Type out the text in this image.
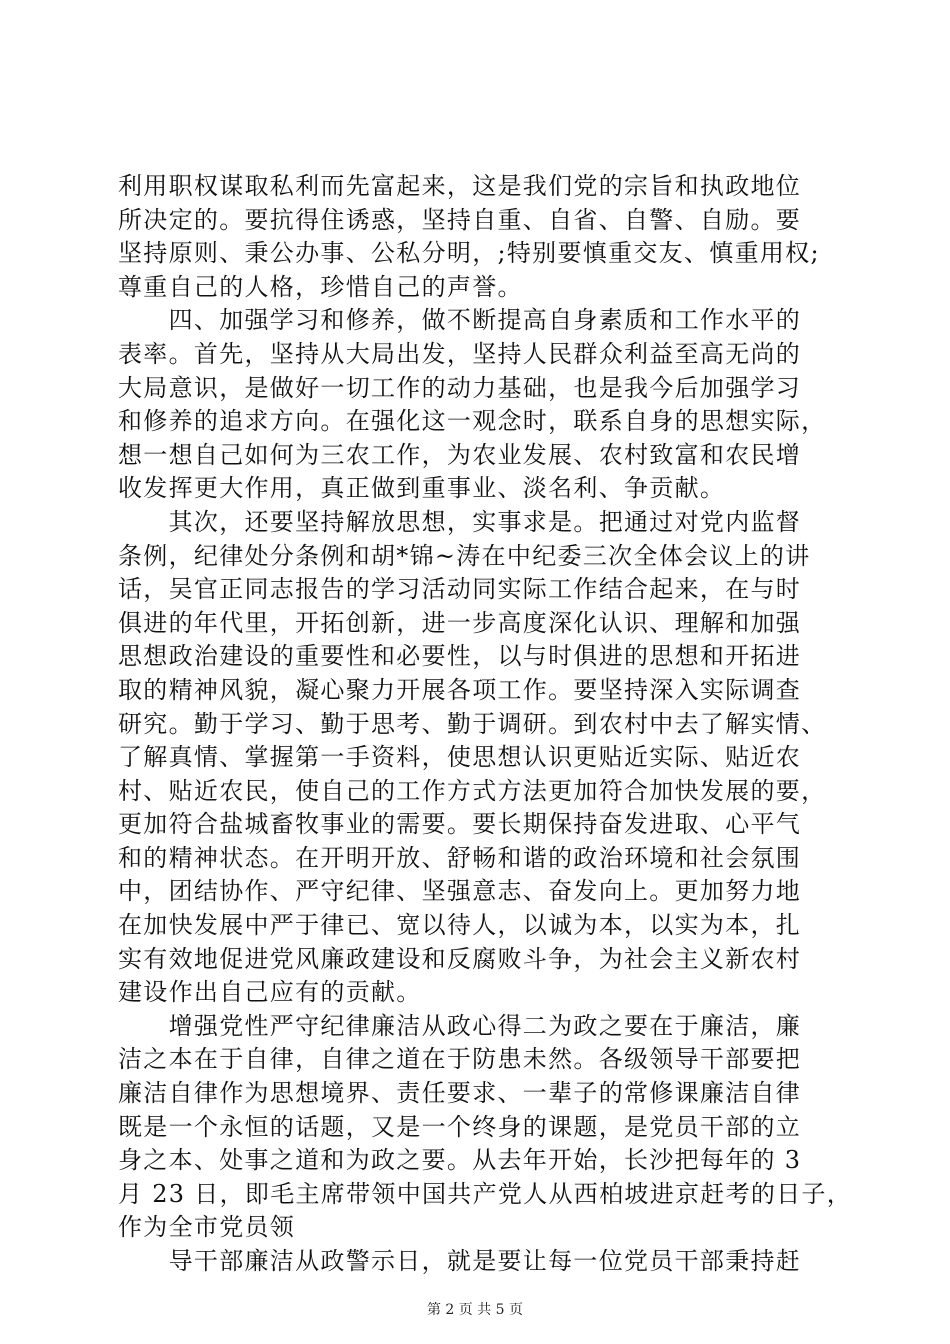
利用职权谋取私利而先富起来，这是我们党的宗旨和执政地位
所决定的。要抗得住诱惑，坚持自重、自省、自警、自励。要
坚持原则、秉公办事、公私分明，;特别要慎重交友、慎重用权;
尊重自己的人格，珍惜自己的声誉。
　　四、加强学习和修养，做不断提高自身素质和工作水平的
表率。首先，坚持从大局出发，坚持人民群众利益至高无尚的
大局意识，是做好一切工作的动力基础，也是我今后加强学习
和修养的追求方向。在强化这一观念时，联系自身的思想实际，
想一想自己如何为三农工作，为农业发展、农村致富和农民增
收发挥更大作用，真正做到重事业、淡名利、争贡献。
　　其次，还要坚持解放思想，实事求是。把通过对党内监督
条例，纪律处分条例和胡*锦~涛在中纪委三次全体会议上的讲
话，吴官正同志报告的学习活动同实际工作结合起来，在与时
俱进的年代里，开拓创新，进一步高度深化认识、理解和加强
思想政治建设的重要性和必要性，以与时俱进的思想和开拓进
取的精神风貌，凝心聚力开展各项工作。要坚持深入实际调查
研究。勤于学习、勤于思考、勤于调研。到农村中去了解实情、
了解真情、掌握第一手资料，使思想认识更贴近实际、贴近农
村、贴近农民，使自己的工作方式方法更加符合加快发展的要，
更加符合盐城畜牧事业的需要。要长期保持奋发进取、心平气
和的精神状态。在开明开放、舒畅和谐的政治环境和社会氛围
中，团结协作、严守纪律、坚强意志、奋发向上。更加努力地
在加快发展中严于律已、宽以待人，以诚为本，以实为本，扎
实有效地促进党风廉政建设和反腐败斗争，为社会主义新农村
建设作出自己应有的贡献。
　　增强党性严守纪律廉洁从政心得二为政之要在于廉洁，廉
洁之本在于自律，自律之道在于防患未然。各级领导干部要把
廉洁自律作为思想境界、责任要求、一辈子的常修课廉洁自律
既是一个永恒的话题，又是一个终身的课题，是党员干部的立
身之本、处事之道和为政之要。从去年开始，长沙把每年的 3
月 23 日，即毛主席带领中国共产党人从西柏坡进京赶考的日子，
作为全市党员领
　　导干部廉洁从政警示日，就是要让每一位党员干部秉持赶
第 2 页 共 5 页
